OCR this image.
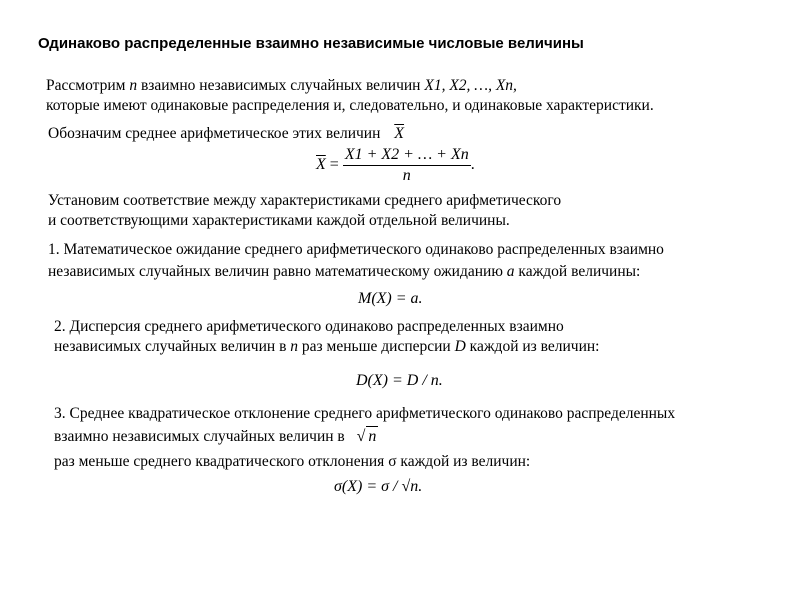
Одинаково распределенные взаимно независимые числовые величины
Рассмотрим n взаимно независимых случайных величин X1, X2, …, Xn,
которые имеют одинаковые распределения и, следовательно, и одинаковые характеристики.
Обозначим среднее арифметическое этих величин $\overline{X}$
$\overline{X} = \frac{X1 + X2 + \dots + Xn}{n}$ .
Установим соответствие между характеристиками среднего арифметического
и соответствующими характеристиками каждой отдельной величины.
1. Математическое ожидание среднего арифметического одинаково распределенных взаимно
независимых случайных величин равно математическому ожиданию a каждой величины:
M(X) = a.
2. Дисперсия среднего арифметического одинаково распределенных взаимно
независимых случайных величин в n раз меньше дисперсии D каждой из величин:
D(X) = D / n.
3. Среднее квадратическое отклонение среднего арифметического одинаково распределенных
взаимно независимых случайных величин в √ n
раз меньше среднего квадратического отклонения σ каждой из величин:
σ(X) = σ / √n.
